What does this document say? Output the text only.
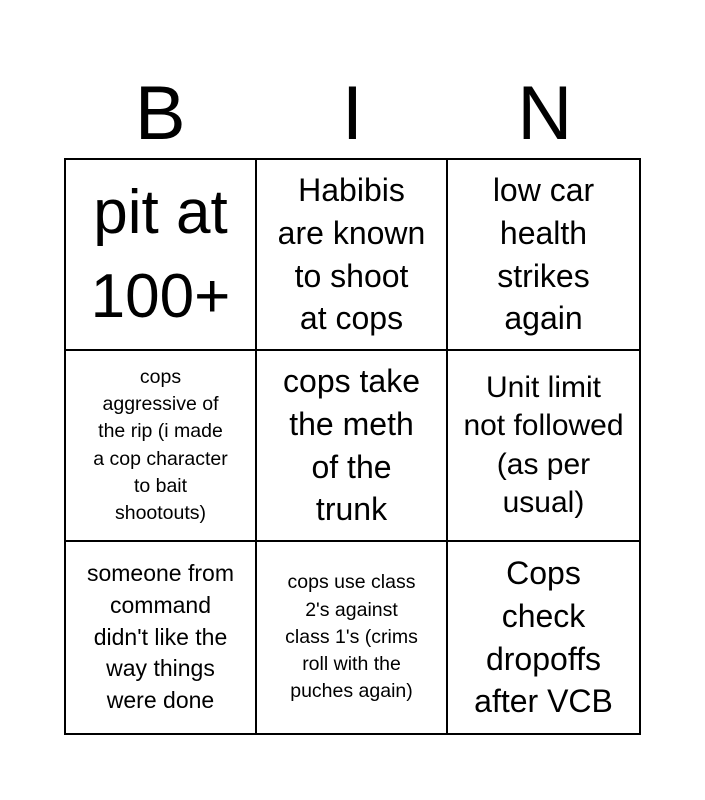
B	I	N
pit at
100+
Habibis
are known
to shoot
at cops
low car
health
strikes
again
cops
aggressive of
the rip (i made
a cop character
to bait
shootouts)
cops take
the meth
of the
trunk
Unit limit
not followed
(as per
usual)
someone from
command
didn't like the
way things
were done
cops use class
2's against
class 1's (crims
roll with the
puches again)
Cops
check
dropoffs
after VCB
